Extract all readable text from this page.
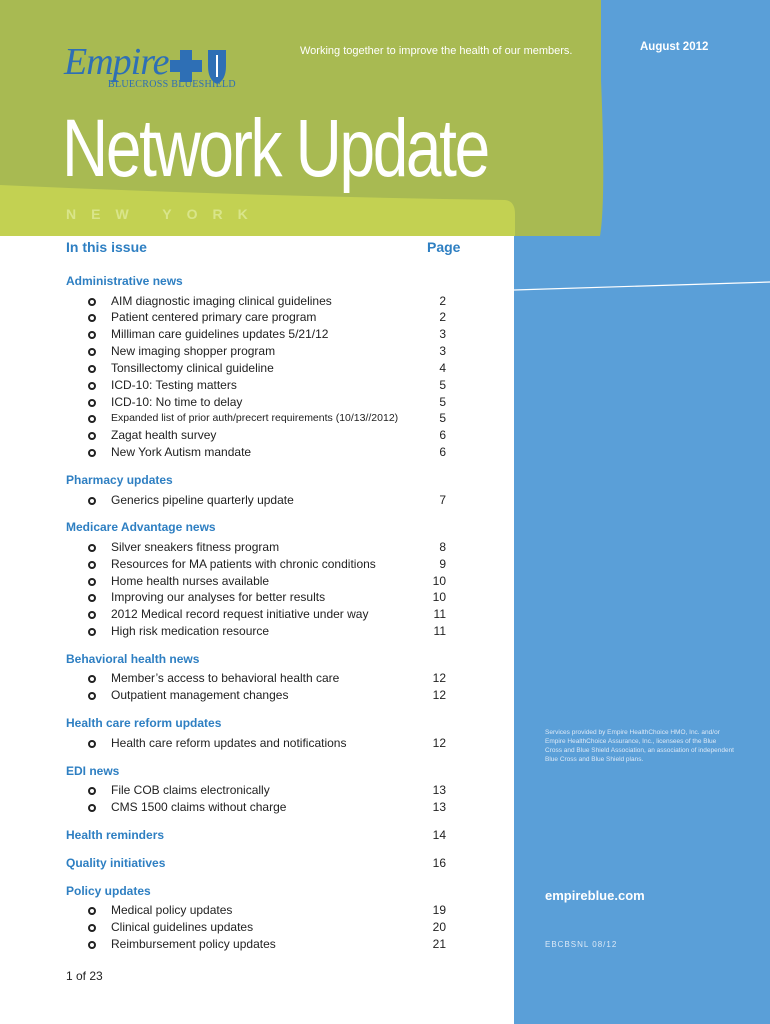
Empire
BLUECROSS BLUESHIELD
Working together to improve the health of our members.	August 2012
Network Update
NEW YORK
In this issue	Page
Administrative news
AIM diagnostic imaging clinical guidelines	2
Patient centered primary care program	2
Milliman care guidelines updates 5/21/12	3
New imaging shopper program	3
Tonsillectomy clinical guideline	4
ICD-10: Testing matters	5
ICD-10: No time to delay	5
Expanded list of prior auth/precert requirements (10/13//2012)	5
Zagat health survey	6
New York Autism mandate	6
Pharmacy updates
Generics pipeline quarterly update	7
Medicare Advantage news
Silver sneakers fitness program	8
Resources for MA patients with chronic conditions	9
Home health nurses available	10
Improving our analyses for better results	10
2012 Medical record request initiative under way	11
High risk medication resource	11
Behavioral health news
Member’s access to behavioral health care	12
Outpatient management changes	12
Health care reform updates
Health care reform updates and notifications	12
EDI news
File COB claims electronically	13
CMS 1500 claims without charge	13
Health reminders	14
Quality initiatives	16
Policy updates
Medical policy updates	19
Clinical guidelines updates	20
Reimbursement policy updates	21
Services provided by Empire HealthChoice HMO, Inc. and/or Empire HealthChoice Assurance, Inc., licensees of the Blue Cross and Blue Shield Association, an association of independent Blue Cross and Blue Shield plans.
empireblue.com
EBCBSNL 08/12
1 of 23
